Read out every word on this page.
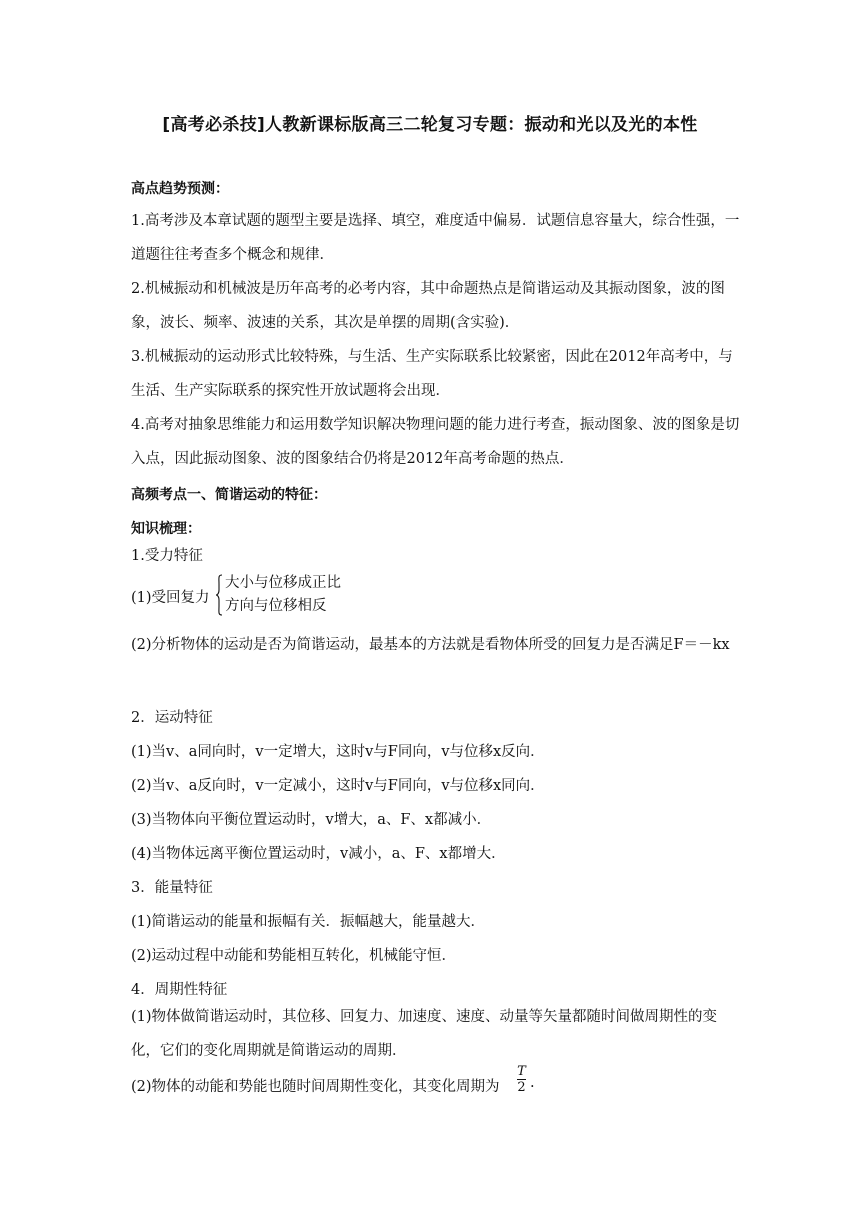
[高考必杀技]人教新课标版高三二轮复习专题：振动和光以及光的本性
高点趋势预测：
1.高考涉及本章试题的题型主要是选择、填空，难度适中偏易．试题信息容量大，综合性强，一道题往往考查多个概念和规律．
2.机械振动和机械波是历年高考的必考内容，其中命题热点是简谐运动及其振动图象，波的图象，波长、频率、波速的关系，其次是单摆的周期(含实验)．
3.机械振动的运动形式比较特殊，与生活、生产实际联系比较紧密，因此在2012年高考中，与生活、生产实际联系的探究性开放试题将会出现．
4.高考对抽象思维能力和运用数学知识解决物理问题的能力进行考查，振动图象、波的图象是切入点，因此振动图象、波的图象结合仍将是2012年高考命题的热点．
高频考点一、简谐运动的特征：
知识梳理：
1.受力特征
(1)受回复力
大小与位移成正比
方向与位移相反
(2)分析物体的运动是否为简谐运动，最基本的方法就是看物体所受的回复力是否满足F＝－kx
2．运动特征
(1)当v、a同向时，v一定增大，这时v与F同向，v与位移x反向．
(2)当v、a反向时，v一定减小，这时v与F同向，v与位移x同向．
(3)当物体向平衡位置运动时，v增大，a、F、x都减小．
(4)当物体远离平衡位置运动时，v减小，a、F、x都增大．
3．能量特征
(1)简谐运动的能量和振幅有关．振幅越大，能量越大．
(2)运动过程中动能和势能相互转化，机械能守恒．
4．周期性特征
(1)物体做简谐运动时，其位移、回复力、加速度、速度、动量等矢量都随时间做周期性的变化，它们的变化周期就是简谐运动的周期．
(2)物体的动能和势能也随时间周期性变化，其变化周期为
T
2 .
